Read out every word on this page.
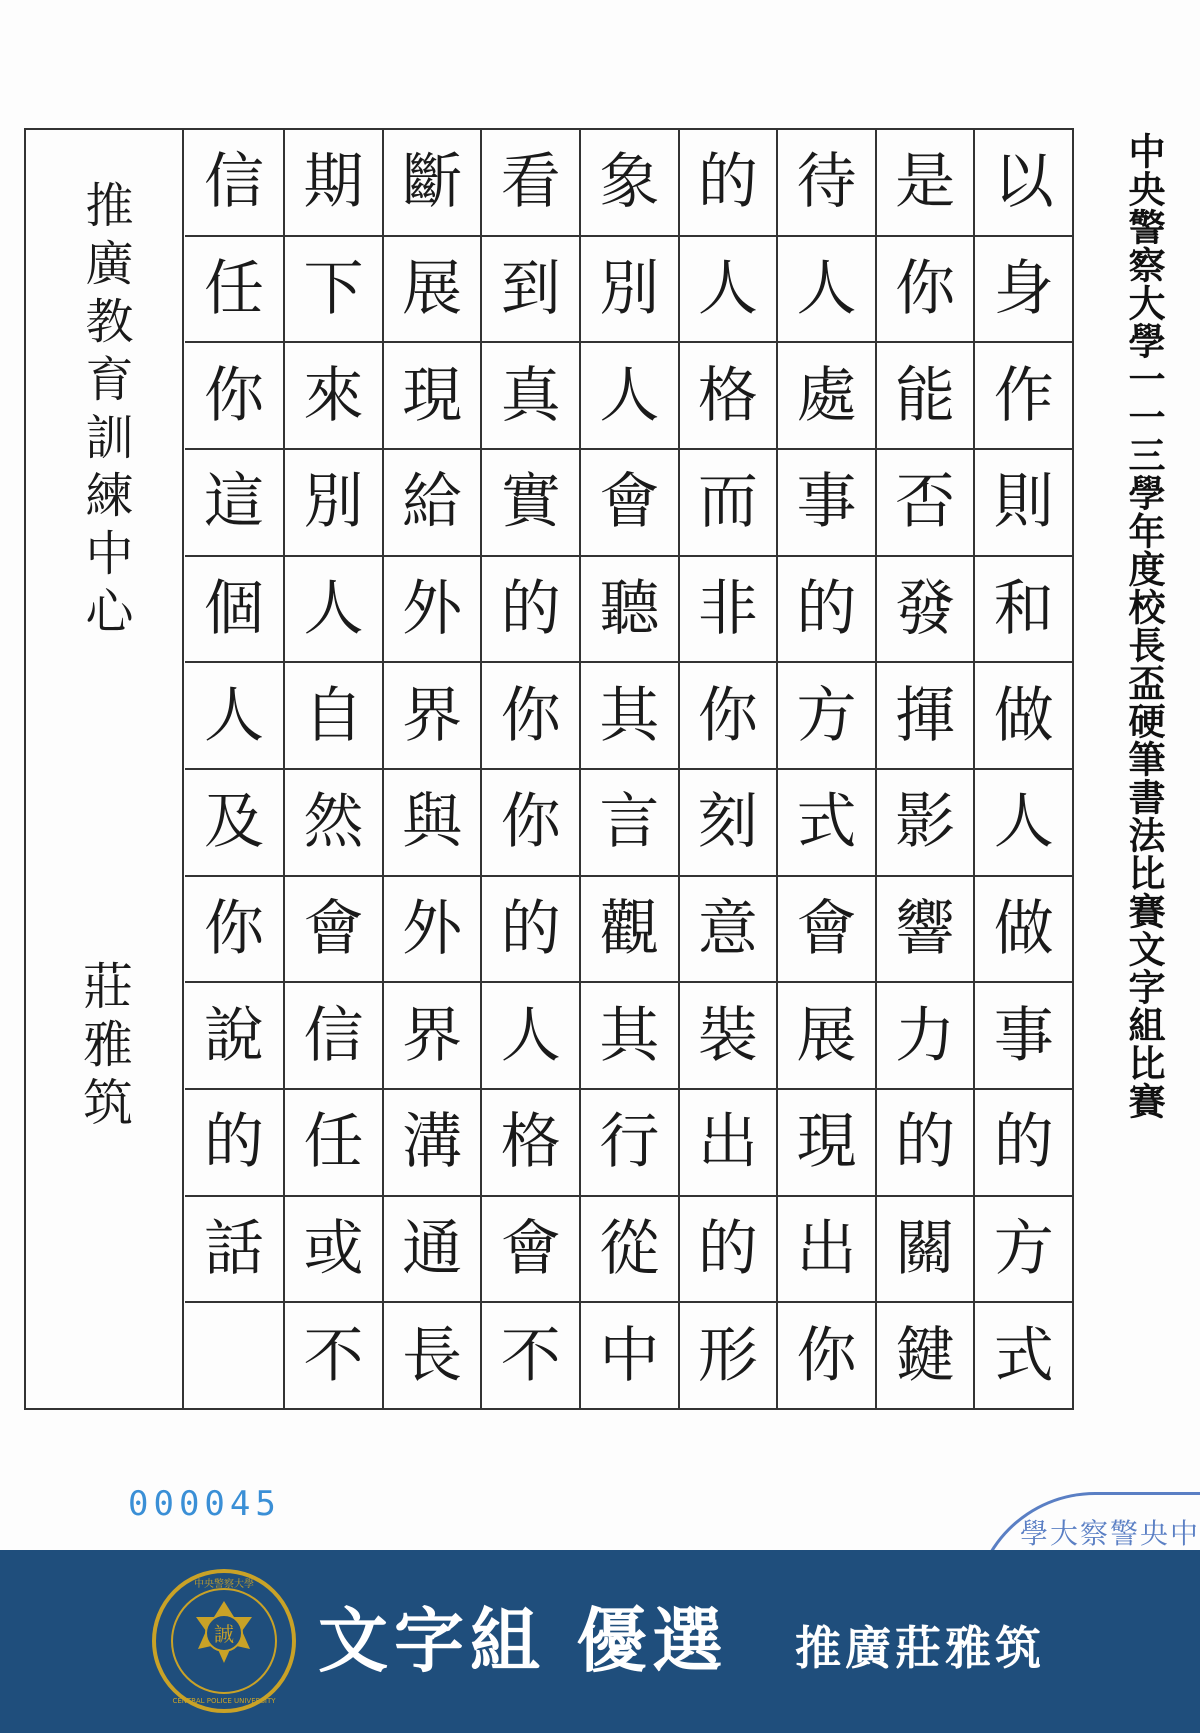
中央警察大學一一三學年度校長盃硬筆書法比賽文字組比賽
推廣教育訓練中心
莊雅筑
以
身
作
則
和
做
人
做
事
的
方
式
是
你
能
否
發
揮
影
響
力
的
關
鍵
待
人
處
事
的
方
式
會
展
現
出
你
的
人
格
而
非
你
刻
意
裝
出
的
形
象
別
人
會
聽
其
言
觀
其
行
從
中
看
到
真
實
的
你
你
的
人
格
會
不
斷
展
現
給
外
界
與
外
界
溝
通
長
期
下
來
別
人
自
然
會
信
任
或
不
信
任
你
這
個
人
及
你
說
的
話
000045
學大察警央中
誠
中央警察大學
CENTRAL POLICE UNIVERSITY
文字組 優選 推廣莊雅筑
